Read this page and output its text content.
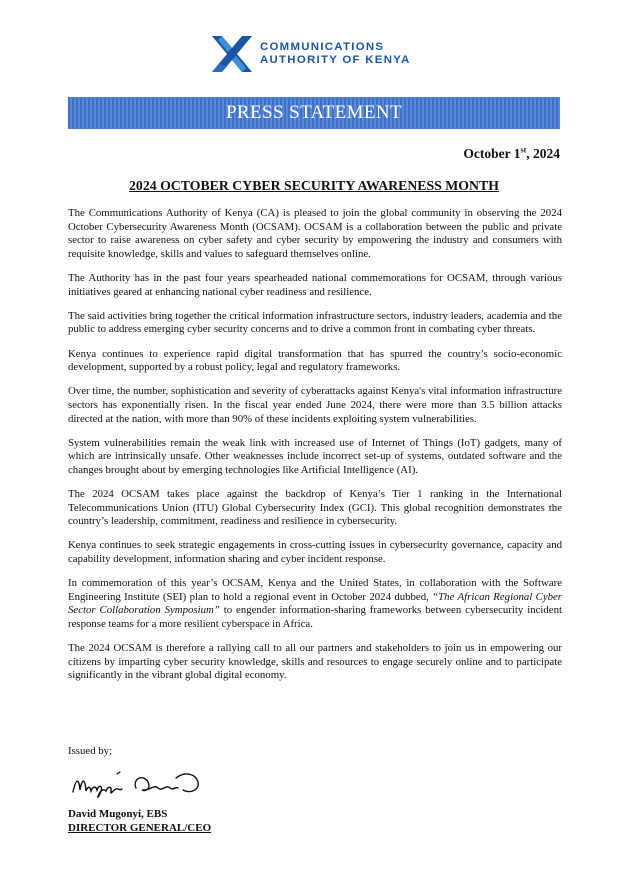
COMMUNICATIONS
AUTHORITY OF KENYA
PRESS STATEMENT
October 1st, 2024
2024 OCTOBER CYBER SECURITY AWARENESS MONTH

The Communications Authority of Kenya (CA) is pleased to join the global community in observing the 2024 October Cybersecurity Awareness Month (OCSAM). OCSAM is a collaboration between the public and private sector to raise awareness on cyber safety and cyber security by empowering the industry and consumers with requisite knowledge, skills and values to safeguard themselves online.

The Authority has in the past four years spearheaded national commemorations for OCSAM, through various initiatives geared at enhancing national cyber readiness and resilience.

The said activities bring together the critical information infrastructure sectors, industry leaders, academia and the public to address emerging cyber security concerns and to drive a common front in combating cyber threats.

Kenya continues to experience rapid digital transformation that has spurred the country’s socio-economic development, supported by a robust policy, legal and regulatory frameworks.

Over time, the number, sophistication and severity of cyberattacks against Kenya's vital information infrastructure sectors has exponentially risen. In the fiscal year ended June 2024, there were more than 3.5 billion attacks directed at the nation, with more than 90% of these incidents exploiting system vulnerabilities.

System vulnerabilities remain the weak link with increased use of Internet of Things (IoT) gadgets, many of which are intrinsically unsafe. Other weaknesses include incorrect set-up of systems, outdated software and the changes brought about by emerging technologies like Artificial Intelligence (AI).

The 2024 OCSAM takes place against the backdrop of Kenya’s Tier 1 ranking in the International Telecommunications Union (ITU) Global Cybersecurity Index (GCI). This global recognition demonstrates the country’s leadership, commitment, readiness and resilience in cybersecurity.

Kenya continues to seek strategic engagements in cross-cutting issues in cybersecurity governance, capacity and capability development, information sharing and cyber incident response.

In commemoration of this year’s OCSAM, Kenya and the United States, in collaboration with the Software Engineering Institute (SEI) plan to hold a regional event in October 2024 dubbed, “The African Regional Cyber Sector Collaboration Symposium” to engender information-sharing frameworks between cybersecurity incident response teams for a more resilient cyberspace in Africa.

The 2024 OCSAM is therefore a rallying call to all our partners and stakeholders to join us in empowering our citizens by imparting cyber security knowledge, skills and resources to engage securely online and to participate significantly in the vibrant global digital economy.

Issued by;
David Mugonyi, EBS
DIRECTOR GENERAL/CEO
